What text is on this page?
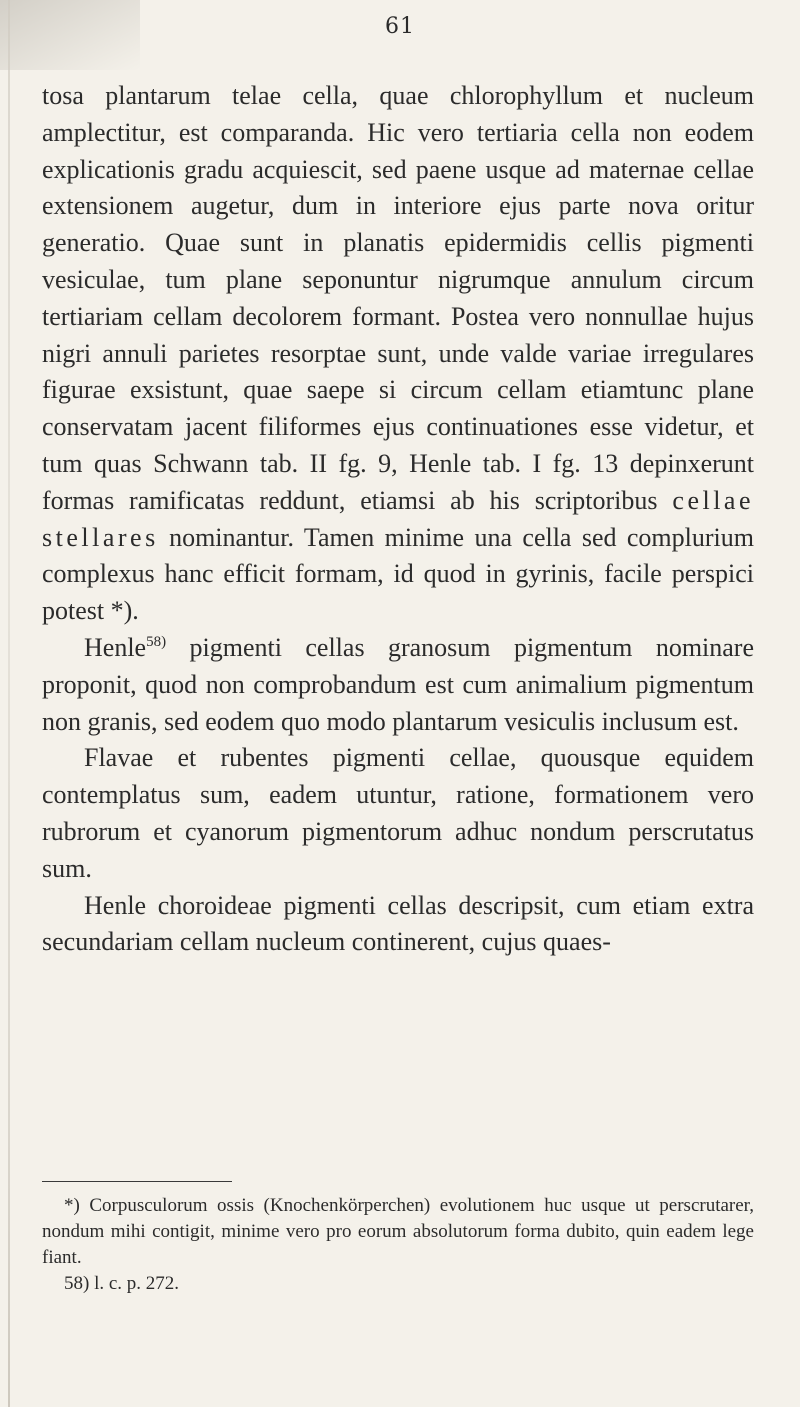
61

tosa plantarum telae cella, quae chlorophyllum et nucleum amplectitur, est comparanda. Hic vero tertiaria cella non eodem explicationis gradu acquiescit, sed paene usque ad maternae cellae extensionem augetur, dum in interiore ejus parte nova oritur generatio. Quae sunt in planatis epidermidis cellis pigmenti vesiculae, tum plane seponuntur nigrumque annulum circum tertiariam cellam decolorem formant. Postea vero nonnullae hujus nigri annuli parietes resorptae sunt, unde valde variae irregulares figurae exsistunt, quae saepe si circum cellam etiamtunc plane conservatam jacent filiformes ejus continuationes esse videtur, et tum quas Schwann tab. II fg. 9, Henle tab. I fg. 13 depinxerunt formas ramificatas reddunt, etiamsi ab his scriptoribus cellae stellares nominantur. Tamen minime una cella sed complurium complexus hanc efficit formam, id quod in gyrinis, facile perspici potest *).

Henle$^{58)}$ pigmenti cellas granosum pigmentum nominare proponit, quod non comprobandum est cum animalium pigmentum non granis, sed eodem quo modo plantarum vesiculis inclusum est.

Flavae et rubentes pigmenti cellae, quousque equidem contemplatus sum, eadem utuntur, ratione, formationem vero rubrorum et cyanorum pigmentorum adhuc nondum perscrutatus sum.

Henle choroideae pigmenti cellas descripsit, cum etiam extra secundariam cellam nucleum continerent, cujus quaes-

*) Corpusculorum ossis (Knochenkörperchen) evolutionem huc usque ut perscrutarer, nondum mihi contigit, minime vero pro eorum absolutorum forma dubito, quin eadem lege fiant.

58) l. c. p. 272.
